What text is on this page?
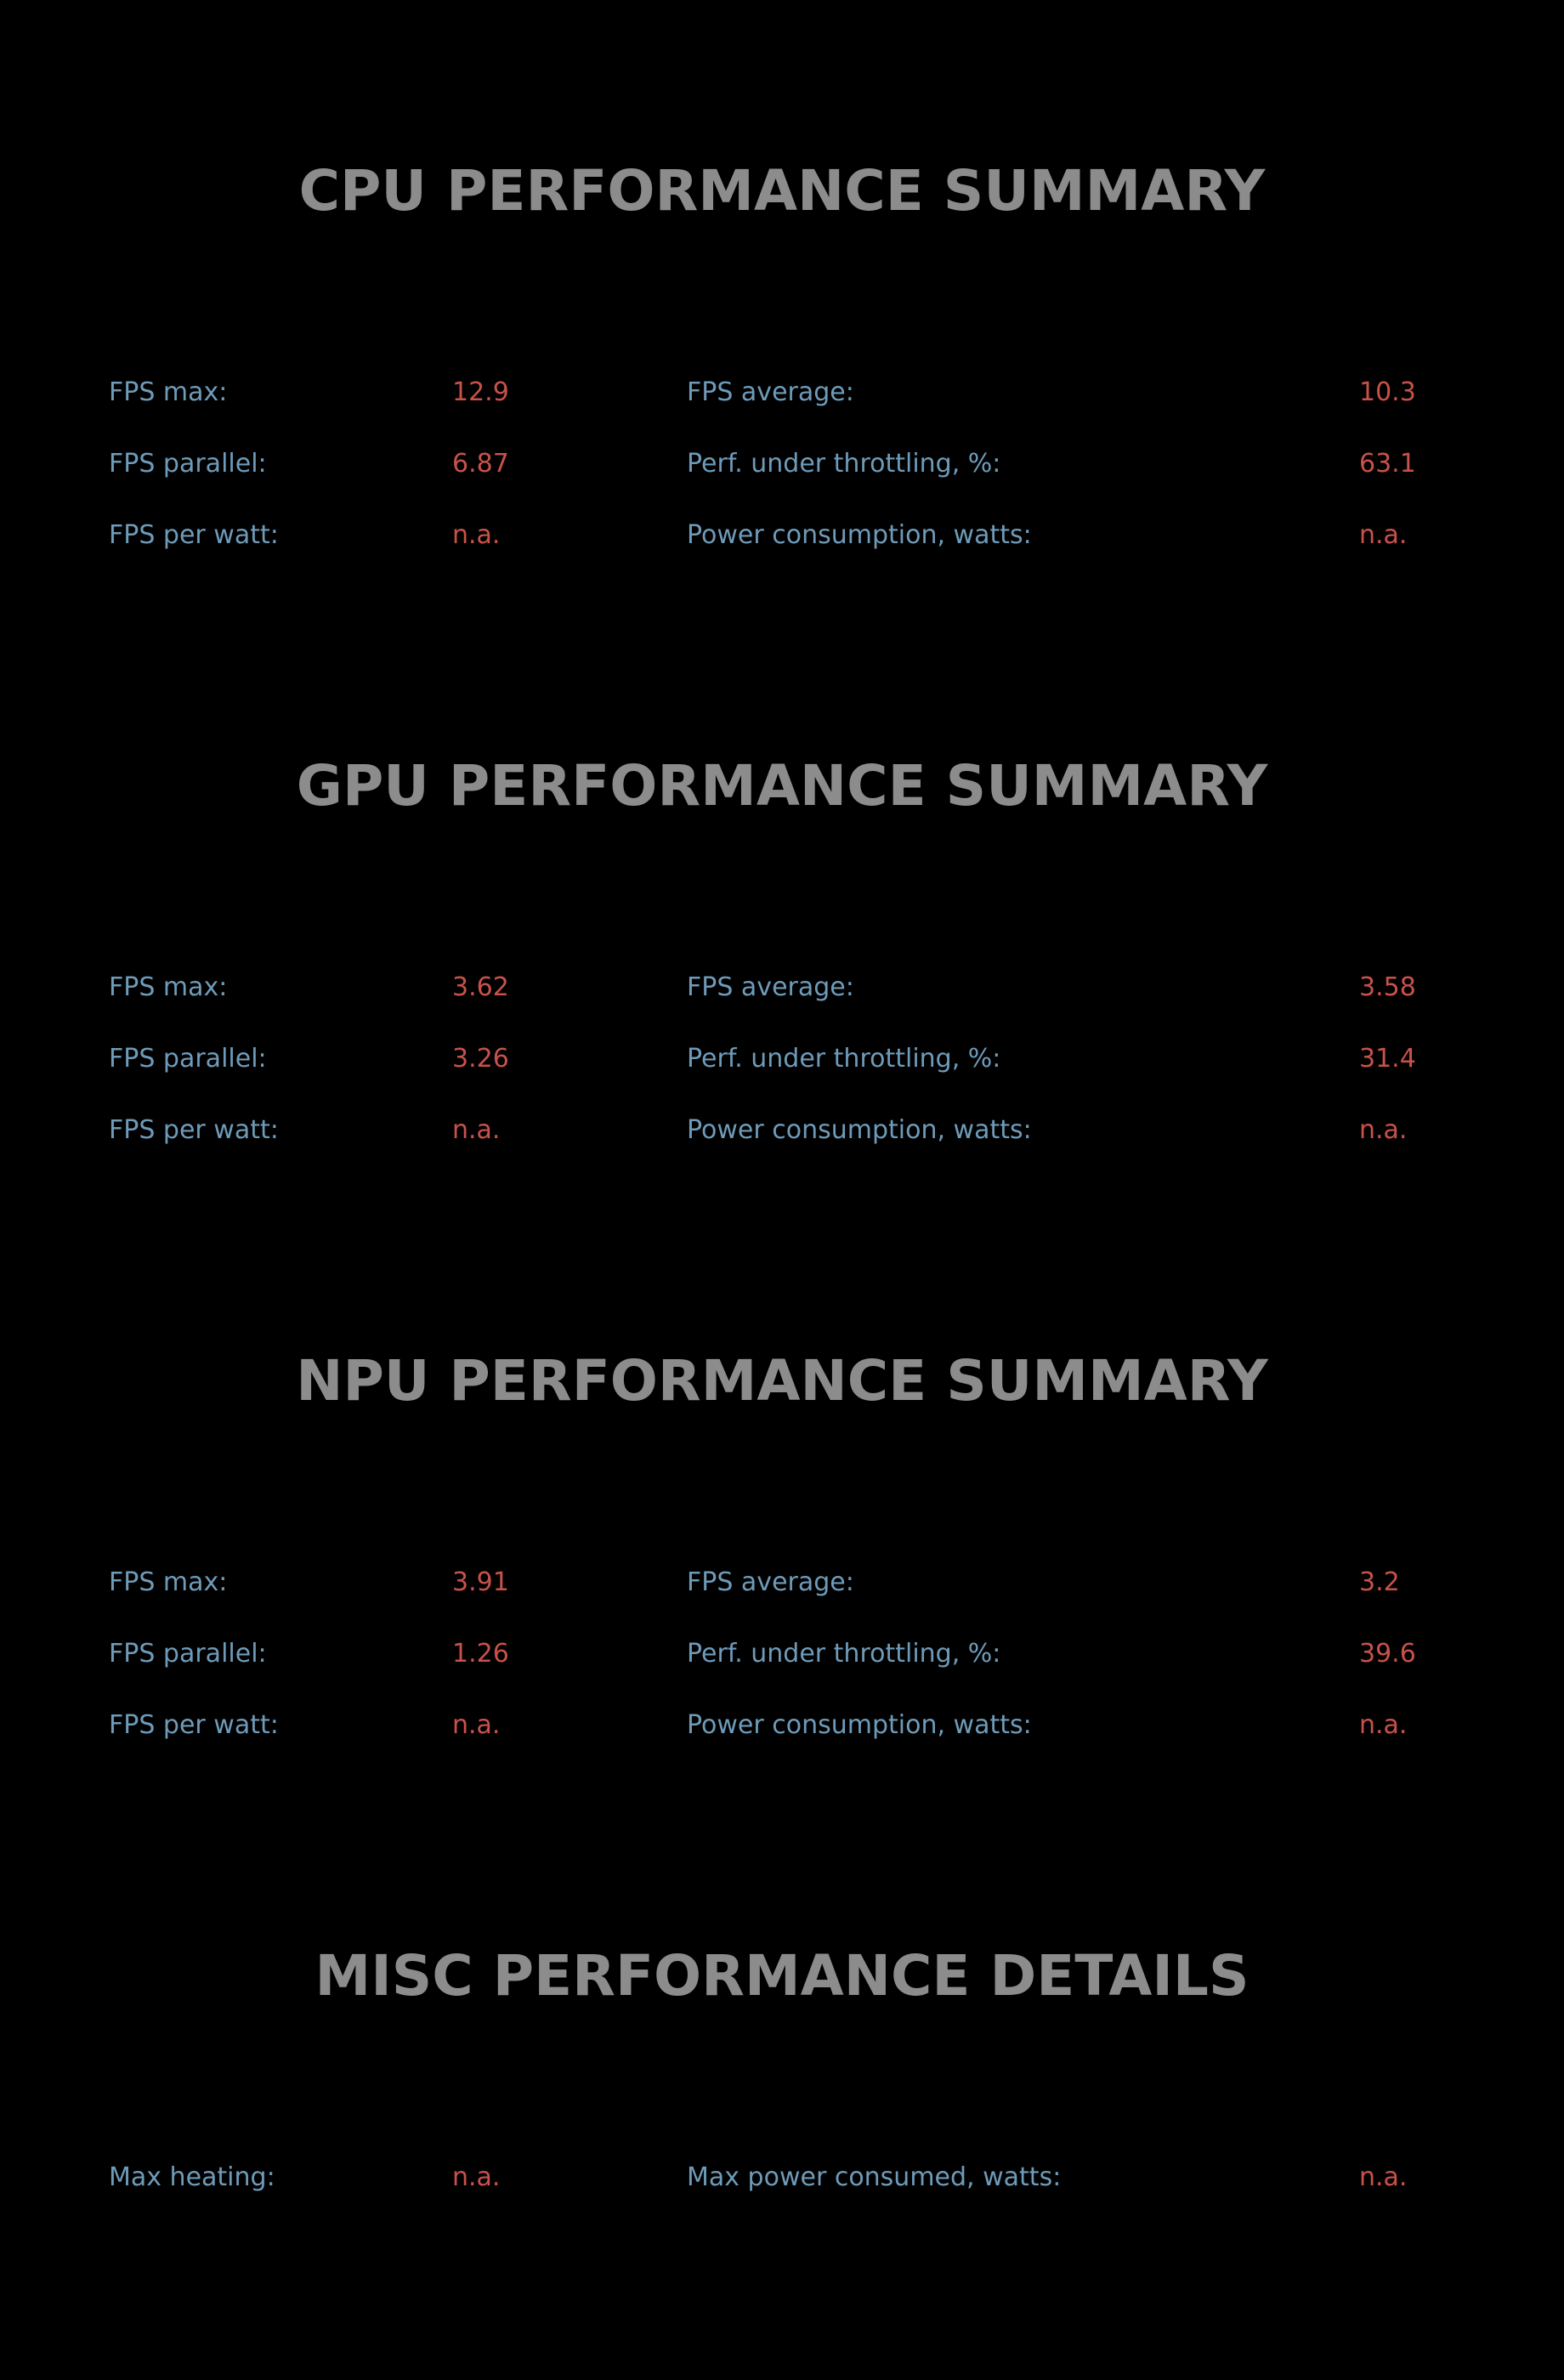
CPU PERFORMANCE SUMMARY
FPS max:	12.9	FPS average:	10.3
FPS parallel:	6.87	Perf. under throttling, %:	63.1
FPS per watt:	n.a.	Power consumption, watts:	n.a.
GPU PERFORMANCE SUMMARY
FPS max:	3.62	FPS average:	3.58
FPS parallel:	3.26	Perf. under throttling, %:	31.4
FPS per watt:	n.a.	Power consumption, watts:	n.a.
NPU PERFORMANCE SUMMARY
FPS max:	3.91	FPS average:	3.2
FPS parallel:	1.26	Perf. under throttling, %:	39.6
FPS per watt:	n.a.	Power consumption, watts:	n.a.
MISC PERFORMANCE DETAILS
Max heating:	n.a.	Max power consumed, watts:	n.a.
